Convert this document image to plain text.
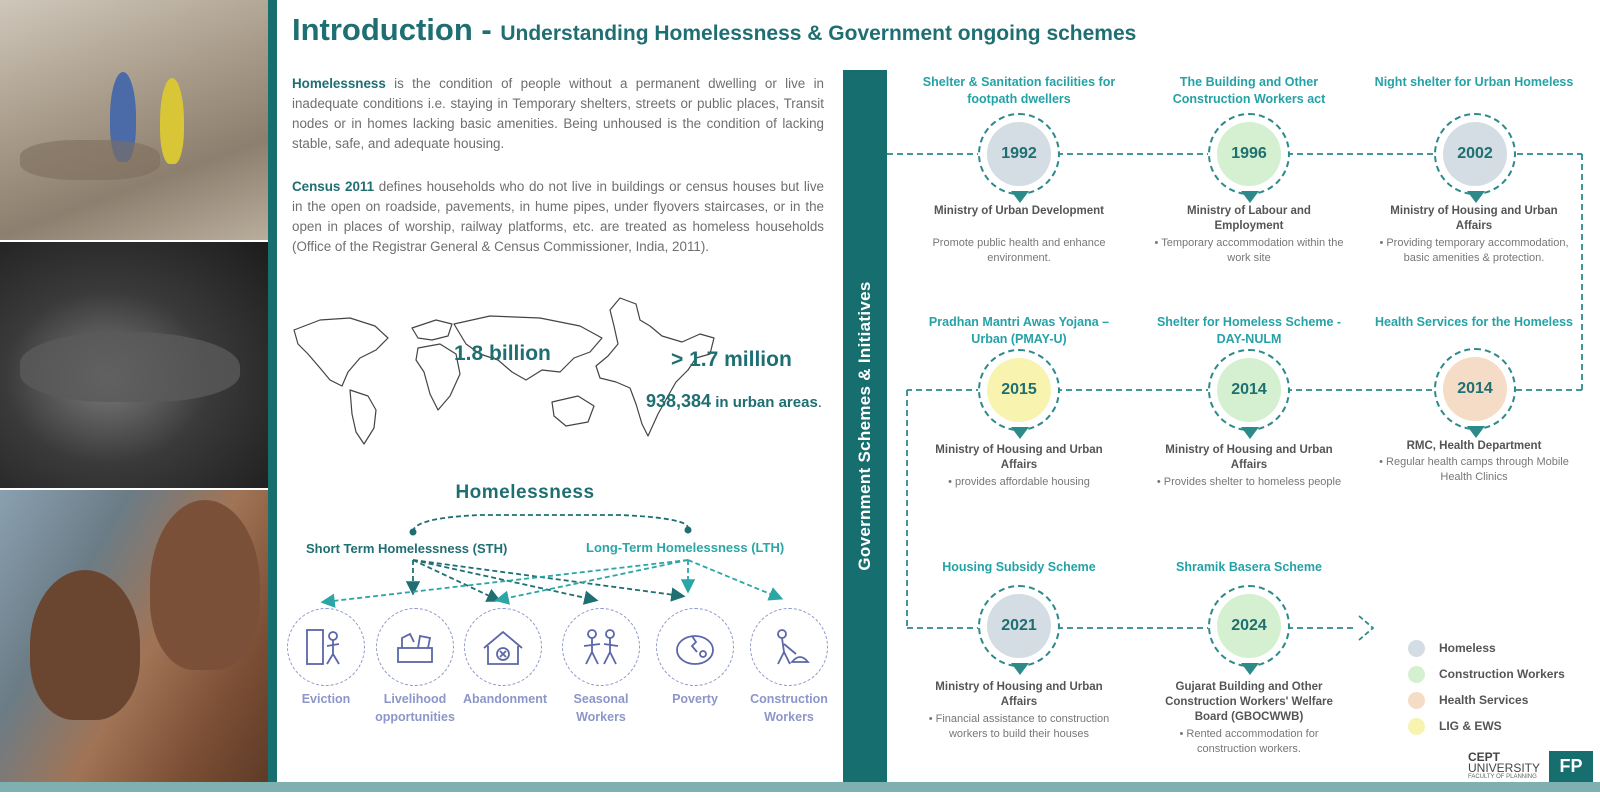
Introduction - Understanding Homelessness & Government ongoing schemes
Homelessness is the condition of people without a permanent dwelling or live in inadequate conditions i.e. staying in Temporary shelters, streets or public places, Transit nodes or in homes lacking basic amenities. Being unhoused is the condition of lacking stable, safe, and adequate housing.
Census 2011 defines households who do not live in buildings or census houses but live in the open on roadside, pavements, in hume pipes, under flyovers staircases, or in the open in places of worship, railway platforms, etc. are treated as homeless households (Office of the Registrar General & Census Commissioner, India, 2011).
1.8 billion	> 1.7 million
938,384 in urban areas.
Homelessness
Short Term Homelessness (STH)	Long-Term Homelessness (LTH)
Eviction	Livelihood opportunities
Abandonment	Seasonal Workers
Poverty	Construction Workers
Government Schemes & Initiatives
Shelter & Sanitation facilities for footpath dwellers
1992
Ministry of Urban Development
Promote public health and enhance environment.
The Building and Other Construction Workers act
1996
Ministry of Labour and Employment
• Temporary accommodation within the work site
Night shelter for Urban Homeless
2002
Ministry of Housing and Urban Affairs
• Providing temporary accommodation, basic amenities & protection.
Pradhan Mantri Awas Yojana – Urban (PMAY-U)
2015
Ministry of Housing and Urban Affairs
• provides affordable housing
Shelter for Homeless Scheme - DAY-NULM
2014
Ministry of Housing and Urban Affairs
• Provides shelter to homeless people
Health Services for the Homeless
2014
RMC, Health Department
• Regular health camps through Mobile Health Clinics
Housing Subsidy Scheme
2021
Ministry of Housing and Urban Affairs
• Financial assistance to construction workers to build their houses
Shramik Basera Scheme
2024
Gujarat Building and Other Construction Workers' Welfare Board (GBOCWWB)
• Rented accommodation for construction workers.
Homeless
Construction Workers
Health Services
LIG & EWS
CEPT
UNIVERSITY
FACULTY OF PLANNING
FP
